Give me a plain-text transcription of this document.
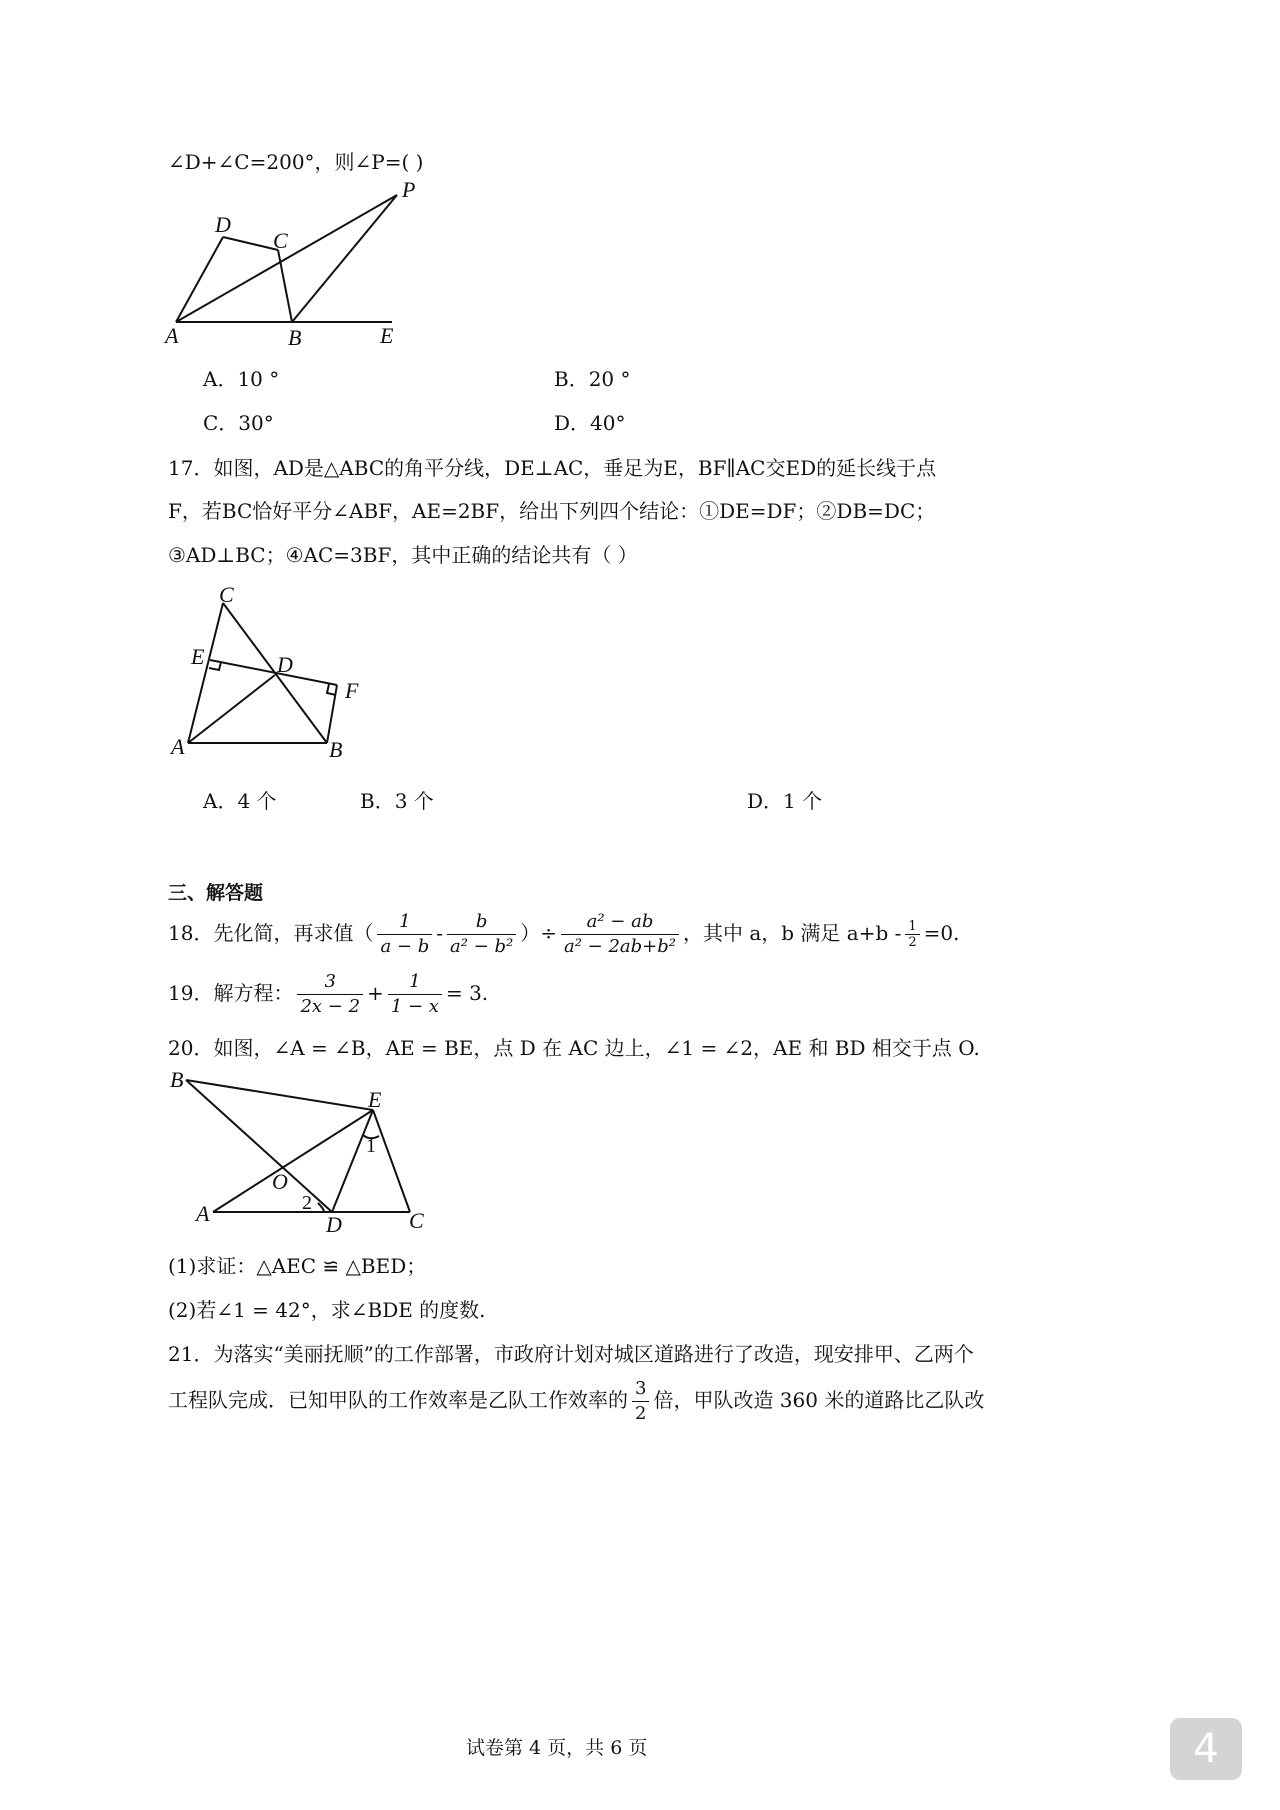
∠D+∠C=200°，则∠P=( )
D
C
P
A	B	E
A．10 °	B．20 °
C．30°	D．40°
17．如图，AD是△ABC的角平分线，DE⊥AC，垂足为E，BF∥AC交ED的延长线于点
F，若BC恰好平分∠ABF，AE=2BF，给出下列四个结论：①DE=DF；②DB=DC；
③AD⊥BC；④AC=3BF，其中正确的结论共有（ ）
C
E	D
F
A	B
A．4 个	B．3 个	D．1 个
三、解答题
18．先化简，再求值（ $\frac{1}{a - b} - \frac{b}{\text{a² − b²}}$ ）÷ $\frac{\text{a² − ab}}{\text{a² − 2ab+b²}}$ ，其中 a，b 满足 $a+b - \frac{1}{2} =0$.
19．解方程： $\frac{3}{2x - 2} + \frac{1}{1 - x} = 3$.
20．如图，∠A = ∠B，AE = BE，点 D 在 AC 边上，∠1 = ∠2，AE 和 BD 相交于点 O.
B
E
1
O
A	2
D	C
(1)求证：△AEC ≌ △BED；
(2)若∠1 = 42°，求∠BDE 的度数.
21．为落实“美丽抚顺”的工作部署，市政府计划对城区道路进行了改造，现安排甲、乙两个
工程队完成．已知甲队的工作效率是乙队工作效率的 $\frac{3}{2}$ 倍，甲队改造 360 米的道路比乙队改
试卷第 4 页，共 6 页	4
